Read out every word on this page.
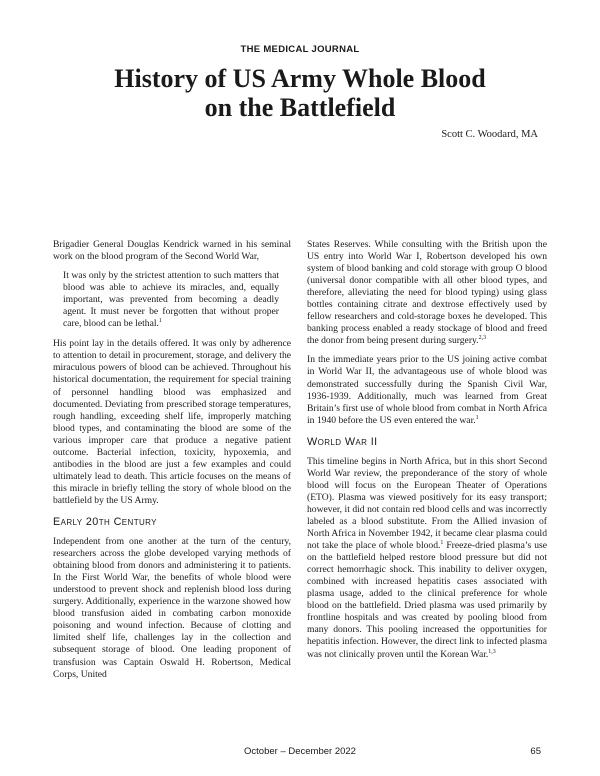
THE MEDICAL JOURNAL
History of US Army Whole Blood
on the Battlefield
Scott C. Woodard, MA

Brigadier General Douglas Kendrick warned in his seminal work on the blood program of the Second World War,

It was only by the strictest attention to such matters that blood was able to achieve its miracles, and, equally important, was prevented from becoming a deadly agent. It must never be forgotten that without proper care, blood can be lethal.$^1$

His point lay in the details offered. It was only by adherence to attention to detail in procurement, storage, and delivery the miraculous powers of blood can be achieved. Throughout his historical documentation, the requirement for special training of personnel handling blood was emphasized and documented. Deviating from prescribed storage temperatures, rough handling, exceeding shelf life, improperly matching blood types, and contaminating the blood are some of the various improper care that produce a negative patient outcome. Bacterial infection, toxicity, hypoxemia, and antibodies in the blood are just a few examples and could ultimately lead to death. This article focuses on the means of this miracle in briefly telling the story of whole blood on the battlefield by the US Army.

Early 20th Century

Independent from one another at the turn of the century, researchers across the globe developed varying methods of obtaining blood from donors and administering it to patients. In the First World War, the benefits of whole blood were understood to prevent shock and replenish blood loss during surgery. Additionally, experience in the warzone showed how blood transfusion aided in combating carbon monoxide poisoning and wound infection. Because of clotting and limited shelf life, challenges lay in the collection and subsequent storage of blood. One leading proponent of transfusion was Captain Oswald H. Robertson, Medical Corps, United

States Reserves. While consulting with the British upon the US entry into World War I, Robertson developed his own system of blood banking and cold storage with group O blood (universal donor compatible with all other blood types, and therefore, alleviating the need for blood typing) using glass bottles containing citrate and dextrose effectively used by fellow researchers and cold-storage boxes he developed. This banking process enabled a ready stockage of blood and freed the donor from being present during surgery.$^{2,3}$

In the immediate years prior to the US joining active combat in World War II, the advantageous use of whole blood was demonstrated successfully during the Spanish Civil War, 1936-1939. Additionally, much was learned from Great Britain’s first use of whole blood from combat in North Africa in 1940 before the US even entered the war.$^1$

World War II

This timeline begins in North Africa, but in this short Second World War review, the preponderance of the story of whole blood will focus on the European Theater of Operations (ETO). Plasma was viewed positively for its easy transport; however, it did not contain red blood cells and was incorrectly labeled as a blood substitute. From the Allied invasion of North Africa in November 1942, it became clear plasma could not take the place of whole blood.$^1$ Freeze-dried plasma’s use on the battlefield helped restore blood pressure but did not correct hemorrhagic shock. This inability to deliver oxygen, combined with increased hepatitis cases associated with plasma usage, added to the clinical preference for whole blood on the battlefield. Dried plasma was used primarily by frontline hospitals and was created by pooling blood from many donors. This pooling increased the opportunities for hepatitis infection. However, the direct link to infected plasma was not clinically proven until the Korean War.$^{1,3}$

October – December 2022	65
